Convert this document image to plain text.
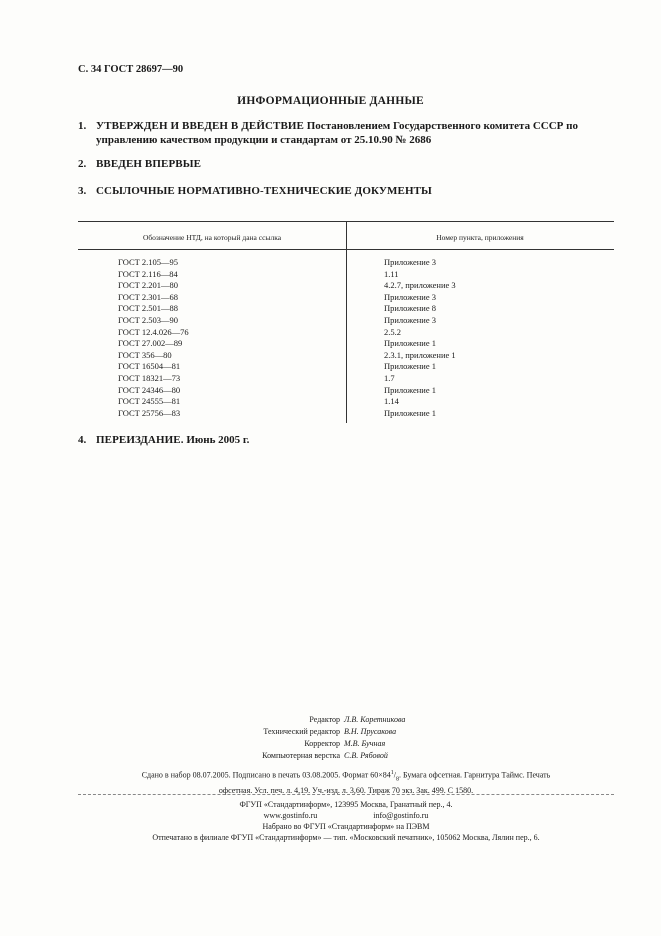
С. 34 ГОСТ 28697—90
ИНФОРМАЦИОННЫЕ ДАННЫЕ
1. УТВЕРЖДЕН И ВВЕДЕН В ДЕЙСТВИЕ Постановлением Государственного комитета СССР по
управлению качеством продукции и стандартам от 25.10.90 № 2686
2. ВВЕДЕН ВПЕРВЫЕ
3. ССЫЛОЧНЫЕ НОРМАТИВНО-ТЕХНИЧЕСКИЕ ДОКУМЕНТЫ
Обозначение НТД, на который дана ссылка	Номер пункта, приложения
ГОСТ 2.105—95	Приложение 3
ГОСТ 2.116—84	1.11
ГОСТ 2.201—80	4.2.7, приложение 3
ГОСТ 2.301—68	Приложение 3
ГОСТ 2.501—88	Приложение 8
ГОСТ 2.503—90	Приложение 3
ГОСТ 12.4.026—76	2.5.2
ГОСТ 27.002—89	Приложение 1
ГОСТ 356—80	2.3.1, приложение 1
ГОСТ 16504—81	Приложение 1
ГОСТ 18321—73	1.7
ГОСТ 24346—80	Приложение 1
ГОСТ 24555—81	1.14
ГОСТ 25756—83	Приложение 1
4. ПЕРЕИЗДАНИЕ. Июнь 2005 г.
Редактор Л.В. Коретникова
Технический редактор В.Н. Прусакова
Корректор М.В. Бучная
Компьютерная верстка С.В. Рябовой
Сдано в набор 08.07.2005. Подписано в печать 03.08.2005. Формат $60\times 84^1/_8$. Бумага офсетная. Гарнитура Таймс. Печать
офсетная. Усл. печ. л. 4,19. Уч.-изд. л. 3,60. Тираж 70 экз. Зак. 499. С 1580.
ФГУП «Стандартинформ», 123995 Москва, Гранатный пер., 4.
www.gostinfo.ru	info@gostinfo.ru
Набрано во ФГУП «Стандартинформ» на ПЭВМ
Отпечатано в филиале ФГУП «Стандартинформ» — тип. «Московский печатник», 105062 Москва, Лялин пер., 6.
